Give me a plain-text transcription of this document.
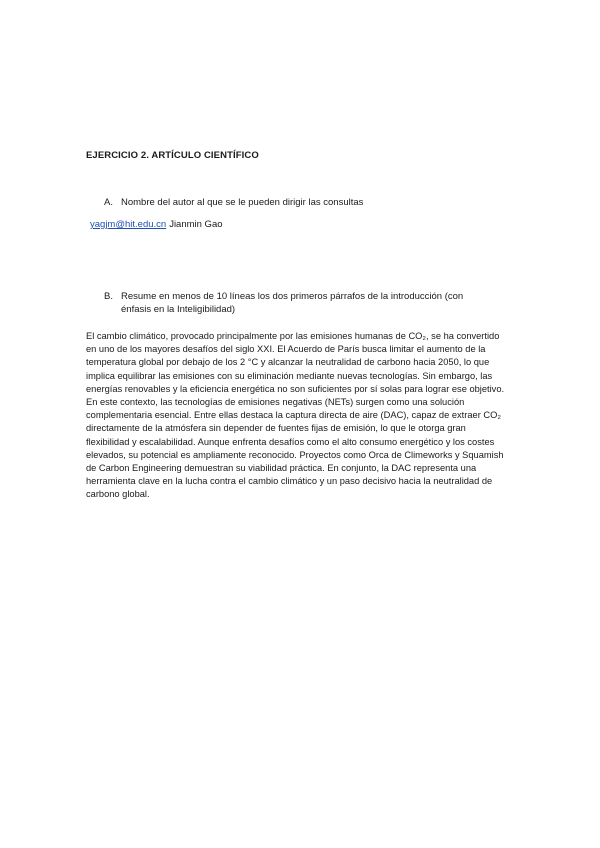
EJERCICIO 2. ARTÍCULO CIENTÍFICO
A. Nombre del autor al que se le pueden dirigir las consultas
yagjm@hit.edu.cn Jianmin Gao
B. Resume en menos de 10 líneas los dos primeros párrafos de la introducción (con énfasis en la Inteligibilidad)
El cambio climático, provocado principalmente por las emisiones humanas de CO₂, se ha convertido en uno de los mayores desafíos del siglo XXI. El Acuerdo de París busca limitar el aumento de la temperatura global por debajo de los 2 °C y alcanzar la neutralidad de carbono hacia 2050, lo que implica equilibrar las emisiones con su eliminación mediante nuevas tecnologías. Sin embargo, las energías renovables y la eficiencia energética no son suficientes por sí solas para lograr ese objetivo. En este contexto, las tecnologías de emisiones negativas (NETs) surgen como una solución complementaria esencial. Entre ellas destaca la captura directa de aire (DAC), capaz de extraer CO₂ directamente de la atmósfera sin depender de fuentes fijas de emisión, lo que le otorga gran flexibilidad y escalabilidad. Aunque enfrenta desafíos como el alto consumo energético y los costes elevados, su potencial es ampliamente reconocido. Proyectos como Orca de Climeworks y Squamish de Carbon Engineering demuestran su viabilidad práctica. En conjunto, la DAC representa una herramienta clave en la lucha contra el cambio climático y un paso decisivo hacia la neutralidad de carbono global.
